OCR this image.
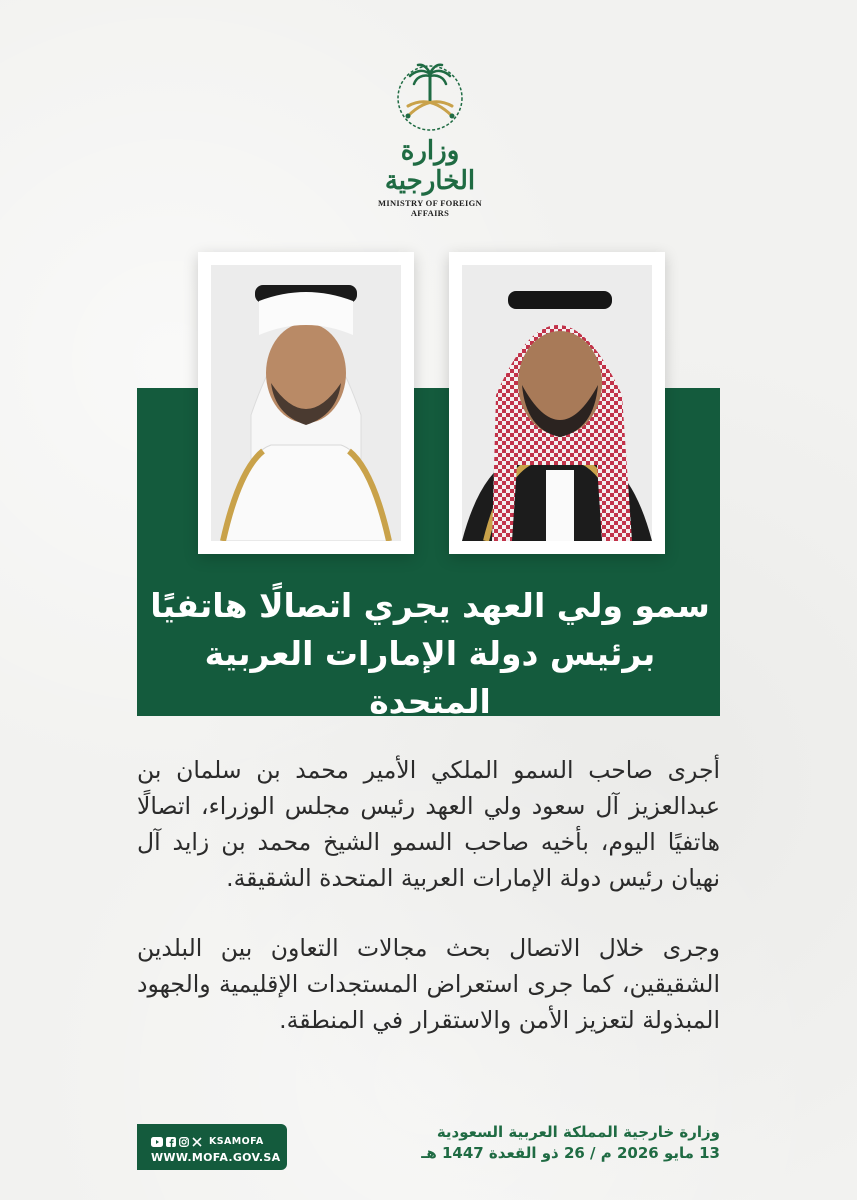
وزارة الخارجية
MINISTRY OF FOREIGN AFFAIRS
سمو ولي العهد يجري اتصالًا هاتفيًا
برئيس دولة الإمارات العربية المتحدة

أجرى صاحب السمو الملكي الأمير محمد بن سلمان بن عبدالعزيز آل سعود ولي العهد رئيس مجلس الوزراء، اتصالًا هاتفيًا اليوم، بأخيه صاحب السمو الشيخ محمد بن زايد آل نهيان رئيس دولة الإمارات العربية المتحدة الشقيقة.

وجرى خلال الاتصال بحث مجالات التعاون بين البلدين الشقيقين، كما جرى استعراض المستجدات الإقليمية والجهود المبذولة لتعزيز الأمن والاستقرار في المنطقة.

KSAMOFA
WWW.MOFA.GOV.SA
وزارة خارجية المملكة العربية السعودية
13 مايو 2026 م / 26 ذو القعدة 1447 هـ
